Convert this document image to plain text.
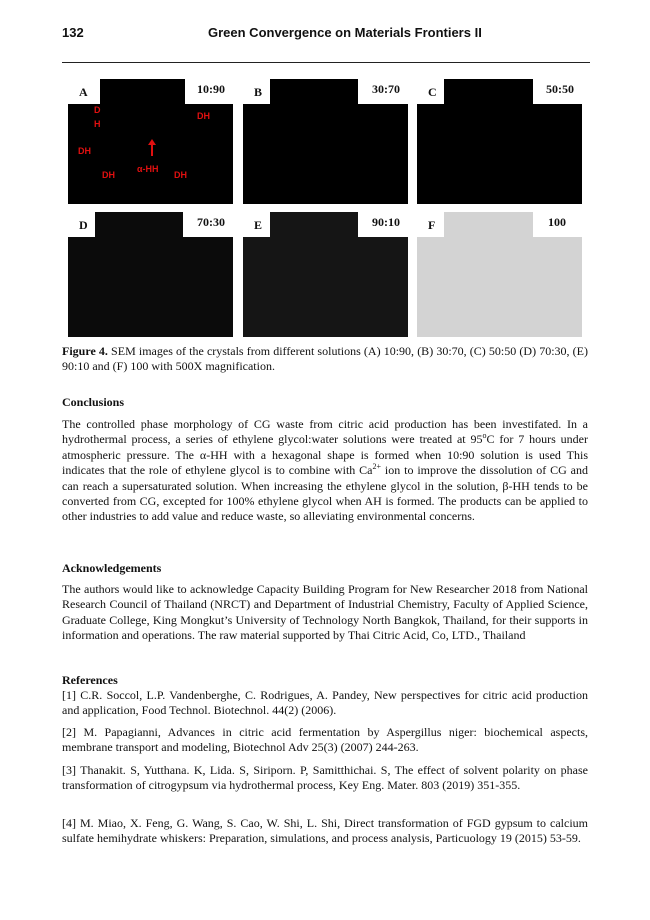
132	Green Convergence on Materials Frontiers II
A	10:90
D
H
DH
DH
α-HH
DH	DH
B	30:70 C	50:50
D	70:30 E	90:10 F	100

Figure 4. SEM images of the crystals from different solutions (A) 10:90, (B) 30:70, (C) 50:50 (D) 70:30, (E) 90:10 and (F) 100 with 500X magnification.

Conclusions

The controlled phase morphology of CG waste from citric acid production has been investifated. In a hydrothermal process, a series of ethylene glycol:water solutions were treated at 95$^o$C for 7 hours under atmospheric pressure. The α-HH with a hexagonal shape is formed when 10:90 solution is used This indicates that the role of ethylene glycol is to combine with $Ca^{2+}$ ion to improve the dissolution of CG and can reach a supersaturated solution. When increasing the ethylene glycol in the solution, β-HH tends to be converted from CG, excepted for 100% ethylene glycol when AH is formed. The products can be applied to other industries to add value and reduce waste, so alleviating environmental concerns.

Acknowledgements

The authors would like to acknowledge Capacity Building Program for New Researcher 2018 from National Research Council of Thailand (NRCT) and Department of Industrial Chemistry, Faculty of Applied Science, Graduate College, King Mongkut’s University of Technology North Bangkok, Thailand, for their supports in information and operations. The raw material supported by Thai Citric Acid, Co, LTD., Thailand

References

[1] C.R. Soccol, L.P. Vandenberghe, C. Rodrigues, A. Pandey, New perspectives for citric acid production and application, Food Technol. Biotechnol. 44(2) (2006).

[2] M. Papagianni, Advances in citric acid fermentation by Aspergillus niger: biochemical aspects, membrane transport and modeling, Biotechnol Adv 25(3) (2007) 244-263.

[3] Thanakit. S, Yutthana. K, Lida. S, Siriporn. P, Samitthichai. S, The effect of solvent polarity on phase transformation of citrogypsum via hydrothermal process, Key Eng. Mater. 803 (2019) 351-355.

[4] M. Miao, X. Feng, G. Wang, S. Cao, W. Shi, L. Shi, Direct transformation of FGD gypsum to calcium sulfate hemihydrate whiskers: Preparation, simulations, and process analysis, Particuology 19 (2015) 53-59.
